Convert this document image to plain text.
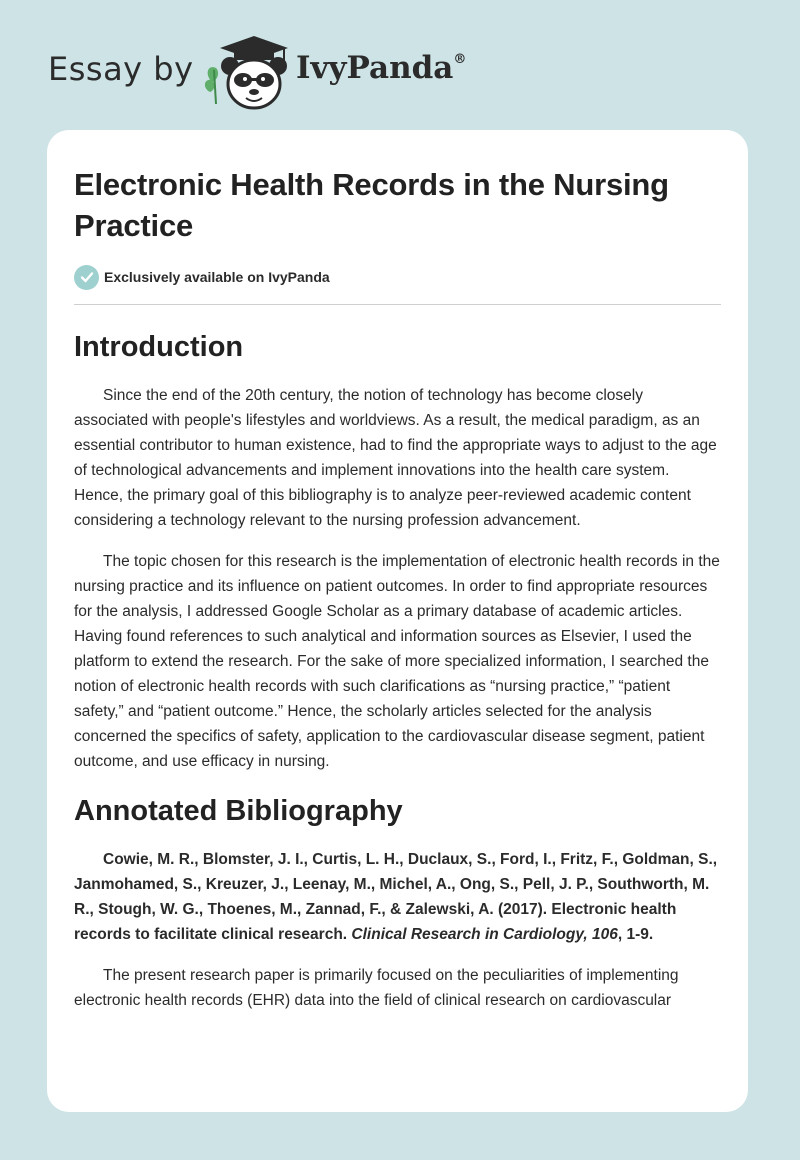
Essay by	IvyPanda®
Electronic Health Records in the Nursing Practice
Exclusively available on IvyPanda
Introduction

Since the end of the 20th century, the notion of technology has become closely associated with people's lifestyles and worldviews. As a result, the medical paradigm, as an essential contributor to human existence, had to find the appropriate ways to adjust to the age of technological advancements and implement innovations into the health care system. Hence, the primary goal of this bibliography is to analyze peer-reviewed academic content considering a technology relevant to the nursing profession advancement.

The topic chosen for this research is the implementation of electronic health records in the nursing practice and its influence on patient outcomes. In order to find appropriate resources for the analysis, I addressed Google Scholar as a primary database of academic articles. Having found references to such analytical and information sources as Elsevier, I used the platform to extend the research. For the sake of more specialized information, I searched the notion of electronic health records with such clarifications as “nursing practice,” “patient safety,” and “patient outcome.” Hence, the scholarly articles selected for the analysis concerned the specifics of safety, application to the cardiovascular disease segment, patient outcome, and use efficacy in nursing.

Annotated Bibliography

Cowie, M. R., Blomster, J. I., Curtis, L. H., Duclaux, S., Ford, I., Fritz, F., Goldman, S., Janmohamed, S., Kreuzer, J., Leenay, M., Michel, A., Ong, S., Pell, J. P., Southworth, M. R., Stough, W. G., Thoenes, M., Zannad, F., & Zalewski, A. (2017). Electronic health records to facilitate clinical research. Clinical Research in Cardiology, 106, 1-9.

The present research paper is primarily focused on the peculiarities of implementing electronic health records (EHR) data into the field of clinical research on cardiovascular
